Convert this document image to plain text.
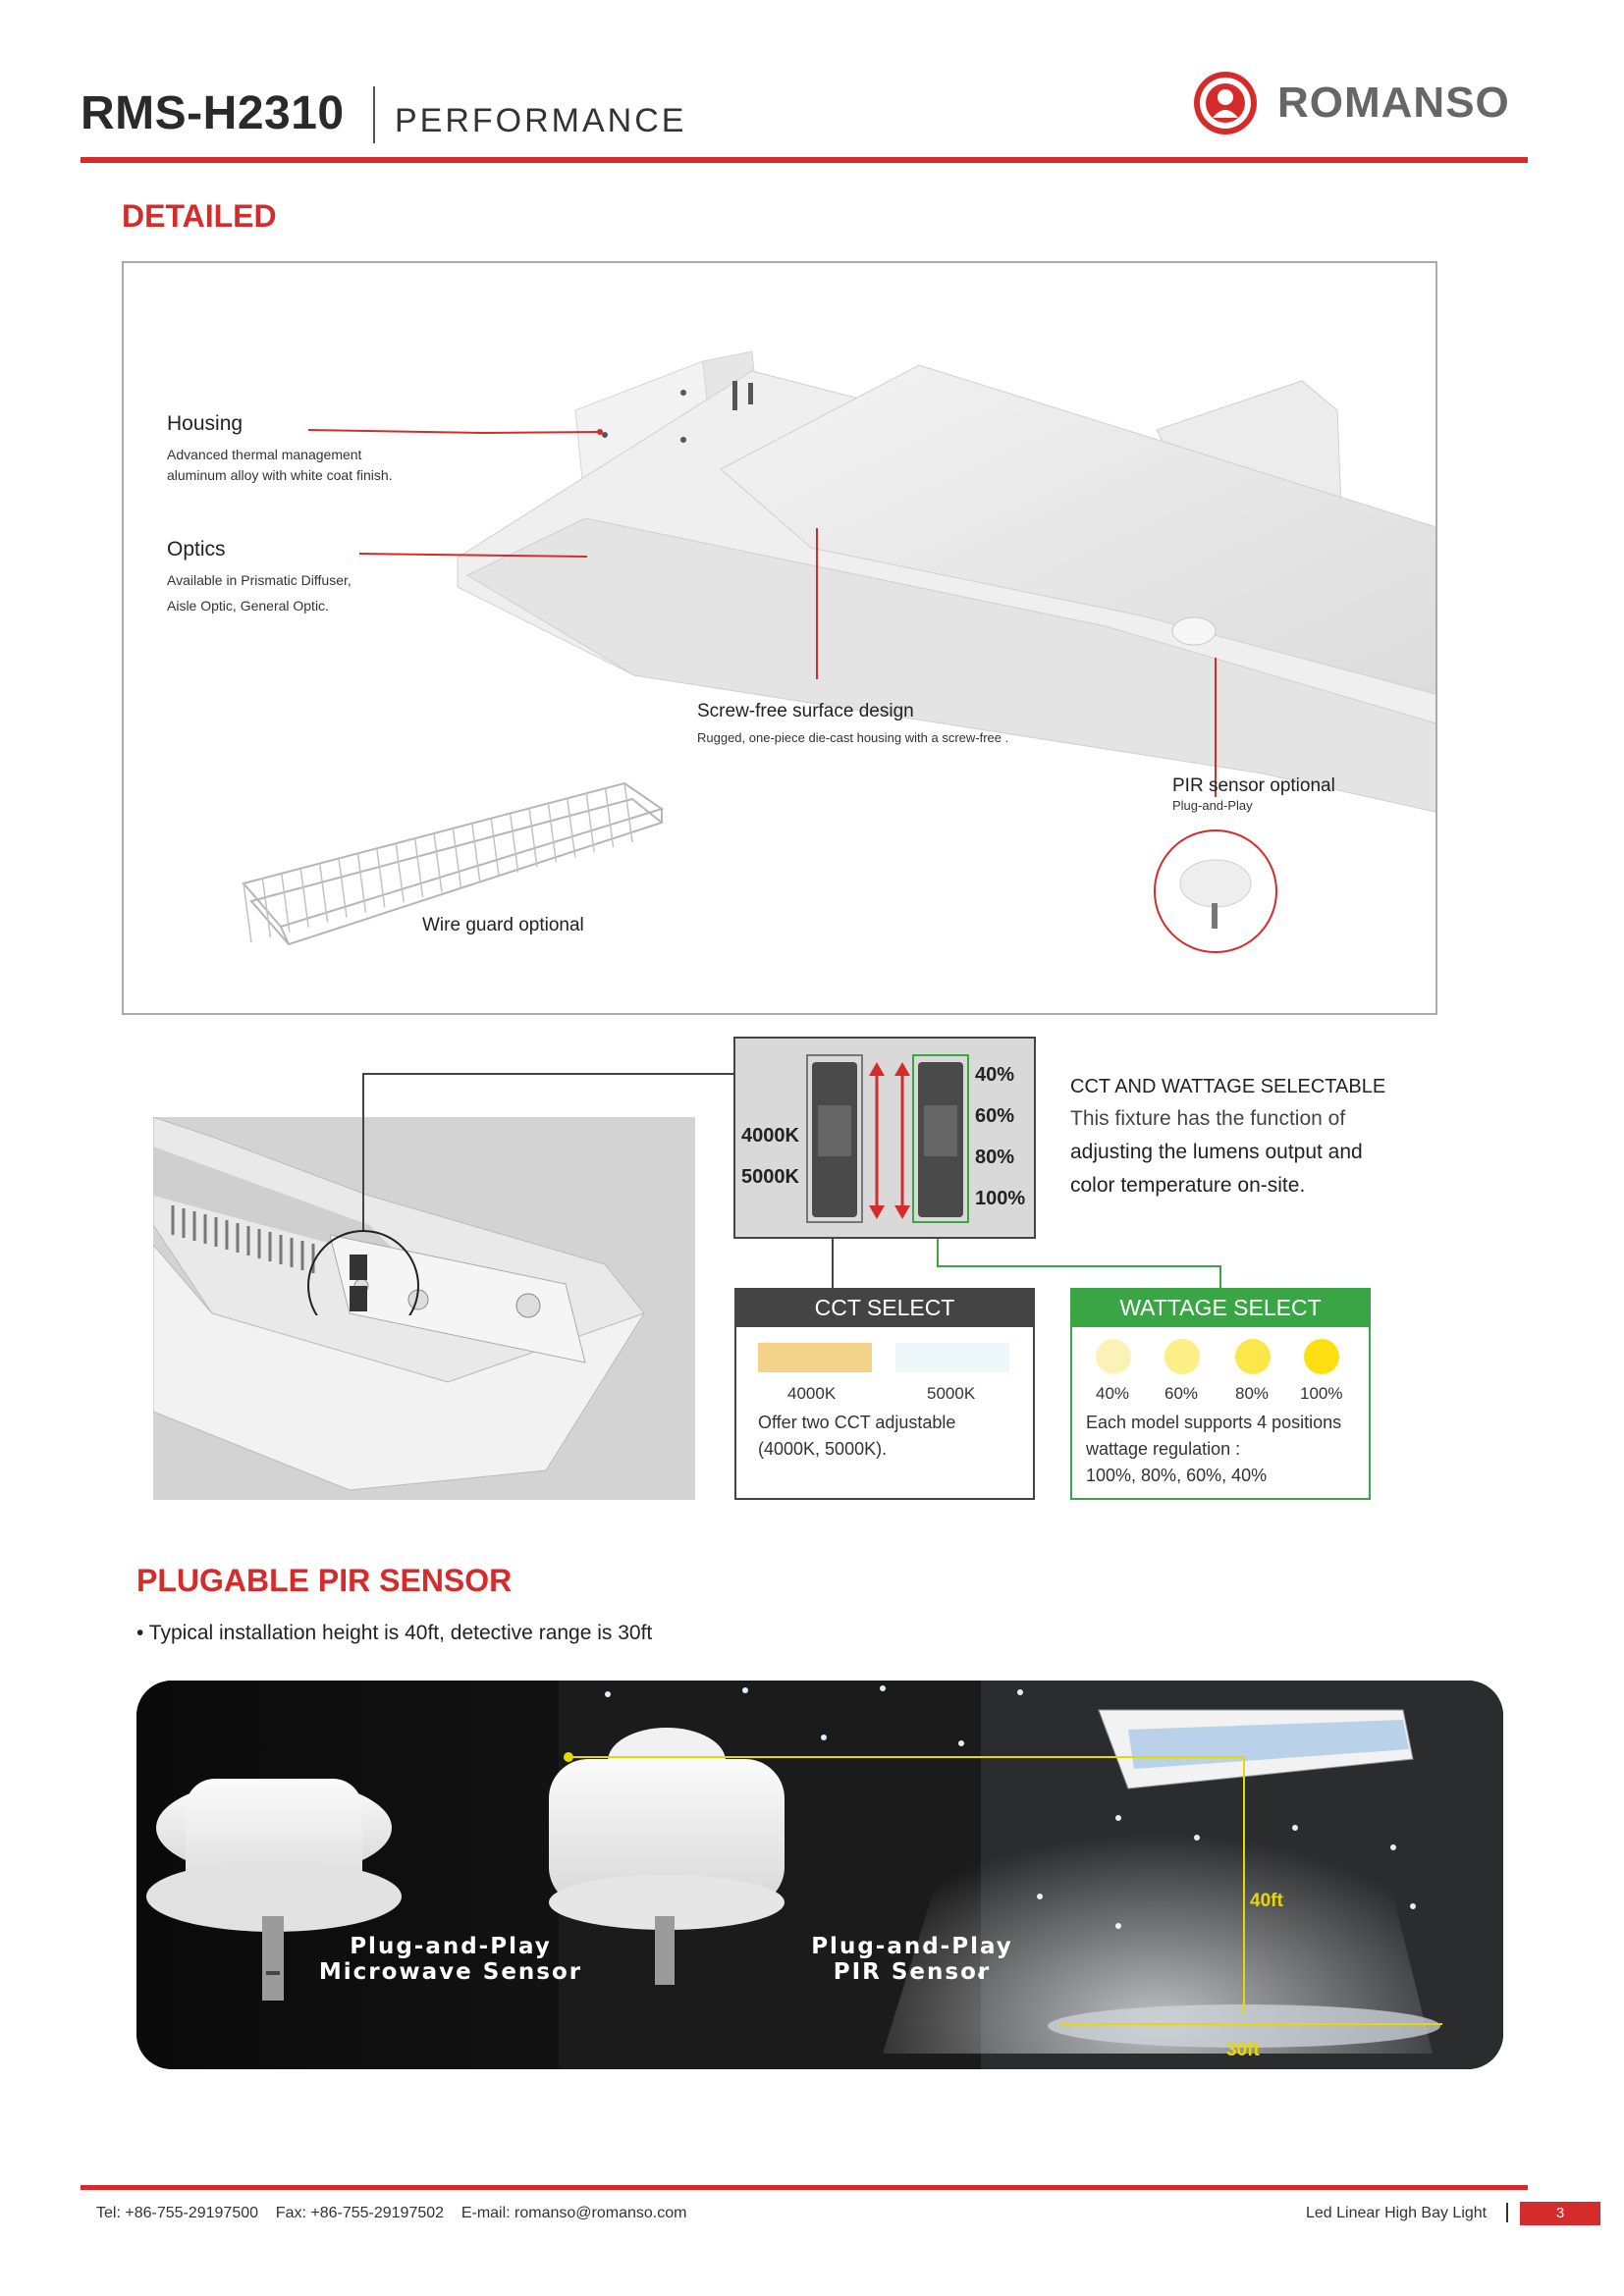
RMS-H2310 PERFORMANCE	ROMANSO
DETAILED
Housing
Advanced thermal management
aluminum alloy with white coat finish.
Optics
Available in Prismatic Diffuser,
Aisle Optic, General Optic.
Screw-free surface design
Rugged, one-piece die-cast housing with a screw-free .
PIR sensor optional
Plug-and-Play
Wire guard optional
4000K
5000K
40%
60%
80%
100%
CCT AND WATTAGE SELECTABLE
This fixture has the function of
adjusting the lumens output and
color temperature on-site.
CCT SELECT
4000K	5000K
Offer two CCT adjustable
(4000K, 5000K).
WATTAGE SELECT
40% 60% 80% 100%
Each model supports 4 positions
wattage regulation :
100%, 80%, 60%, 40%
PLUGABLE PIR SENSOR
• Typical installation height is 40ft, detective range is 30ft
Plug-and-Play
Microwave Sensor
Plug-and-Play
PIR Sensor
40ft
30ft
Tel: +86-755-29197500    Fax: +86-755-29197502    E-mail: romanso@romanso.com	Led Linear High Bay Light	3
